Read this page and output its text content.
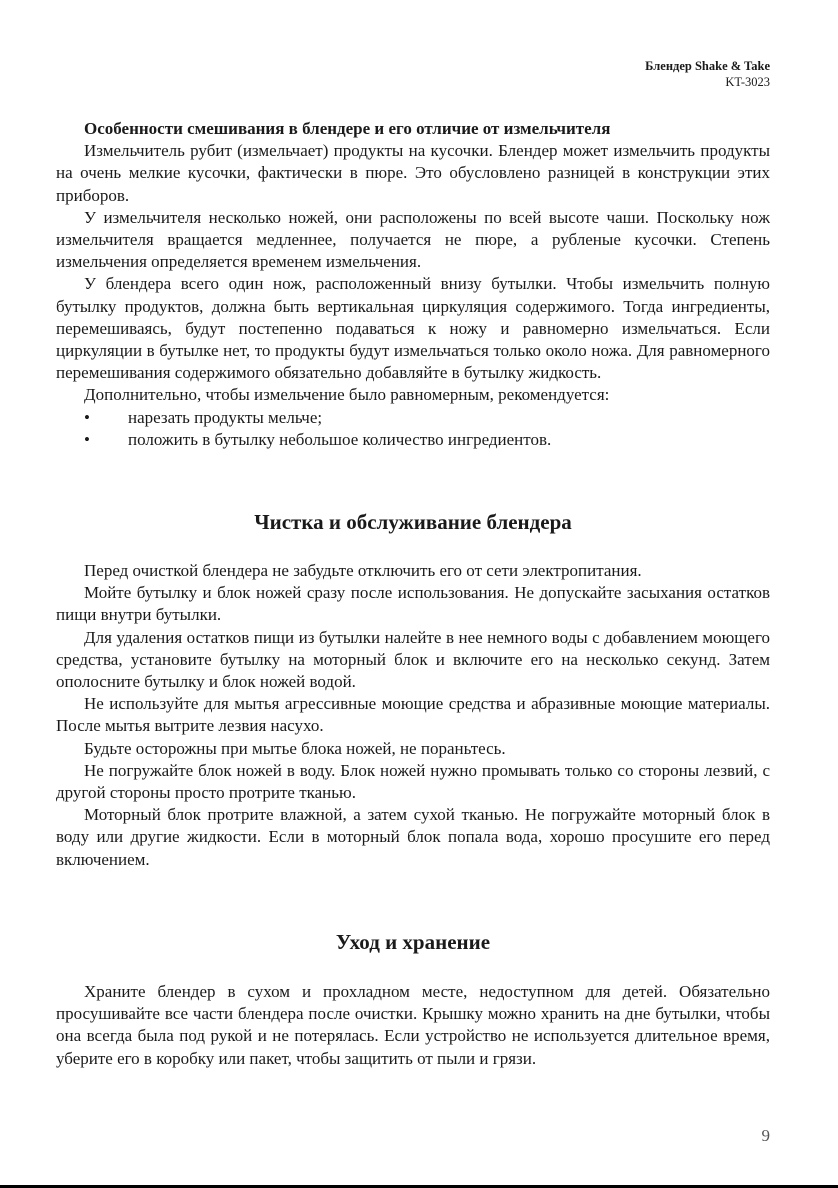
Блендер Shake & Take
KT-3023

Особенности смешивания в блендере и его отличие от измельчителя

Измельчитель рубит (измельчает) продукты на кусочки. Блендер может измельчить продукты на очень мелкие кусочки, фактически в пюре. Это обусловлено разницей в конструкции этих приборов.

У измельчителя несколько ножей, они расположены по всей высоте чаши. Поскольку нож измельчителя вращается медленнее, получается не пюре, а рубленые кусочки. Степень измельчения определяется временем измельчения.

У блендера всего один нож, расположенный внизу бутылки. Чтобы измельчить полную бутылку продуктов, должна быть вертикальная циркуляция содержимого. Тогда ингредиенты, перемешиваясь, будут постепенно подаваться к ножу и равномерно измельчаться. Если циркуляции в бутылке нет, то продукты будут измельчаться только около ножа. Для равномерного перемешивания содержимого обязательно добавляйте в бутылку жидкость.

Дополнительно, чтобы измельчение было равномерным, рекомендуется:

• нарезать продукты мельче;
• положить в бутылку небольшое количество ингредиентов.
Чистка и обслуживание блендера

Перед очисткой блендера не забудьте отключить его от сети электропитания.

Мойте бутылку и блок ножей сразу после использования. Не допускайте засыхания остатков пищи внутри бутылки.

Для удаления остатков пищи из бутылки налейте в нее немного воды с добавлением моющего средства, установите бутылку на моторный блок и включите его на несколько секунд. Затем ополосните бутылку и блок ножей водой.

Не используйте для мытья агрессивные моющие средства и абразивные моющие материалы. После мытья вытрите лезвия насухо.

Будьте осторожны при мытье блока ножей, не пораньтесь.

Не погружайте блок ножей в воду. Блок ножей нужно промывать только со стороны лезвий, с другой стороны просто протрите тканью.

Моторный блок протрите влажной, а затем сухой тканью. Не погружайте моторный блок в воду или другие жидкости. Если в моторный блок попала вода, хорошо просушите его перед включением.

Уход и хранение

Храните блендер в сухом и прохладном месте, недоступном для детей. Обязательно просушивайте все части блендера после очистки. Крышку можно хранить на дне бутылки, чтобы она всегда была под рукой и не потерялась. Если устройство не используется длительное время, уберите его в коробку или пакет, чтобы защитить от пыли и грязи.

9
